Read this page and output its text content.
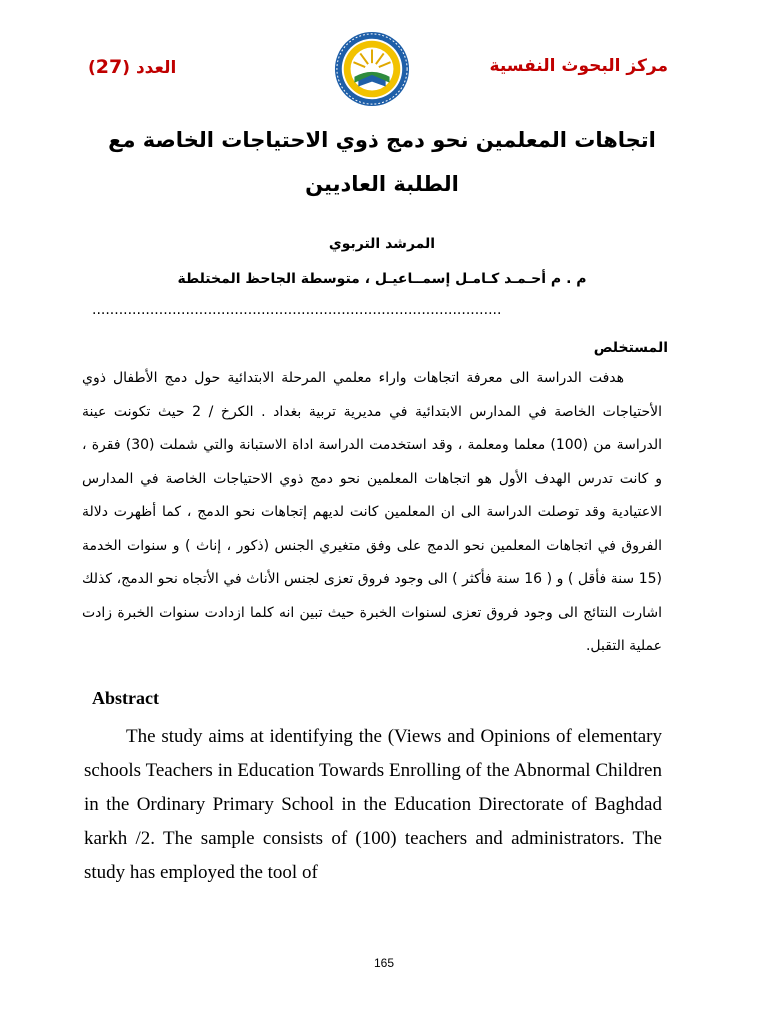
العدد (27)	مركز البحوث النفسية
اتجاهات المعلمين نحو دمج ذوي الاحتياجات الخاصة مع الطلبة العاديين
المرشد التربوي
م . م أحـمـد كـامـل إسمــاعيـل ، متوسطة الجاحظ المختلطة
............................................................................................
المستخلص
هدفت الدراسة الى معرفة اتجاهات واراء معلمي المرحلة الابتدائية حول دمج الأطفال ذوي الأحتياجات الخاصة في المدارس الابتدائية في مديرية تربية بغداد . الكرخ / 2 حيث تكونت عينة الدراسة من (100) معلما ومعلمة ، وقد استخدمت الدراسة اداة الاستبانة والتي شملت (30) فقرة ، و كانت تدرس الهدف الأول هو اتجاهات المعلمين نحو دمج ذوي الاحتياجات الخاصة في المدارس الاعتيادية وقد توصلت الدراسة الى ان المعلمين كانت لديهم إتجاهات نحو الدمج ، كما أظهرت دلالة الفروق في اتجاهات المعلمين نحو الدمج على وفق متغيري الجنس (ذكور ، إناث ) و سنوات الخدمة (15 سنة فأقل ) و ( 16 سنة فأكثر ) الى وجود فروق تعزى لجنس الأناث في الأتجاه نحو الدمج، كذلك اشارت النتائج الى وجود فروق تعزى لسنوات الخبرة حيث تبين انه كلما ازدادت سنوات الخبرة زادت عملية التقبل.
Abstract
The study aims at identifying the (Views and Opinions of elementary schools Teachers in Education Towards Enrolling of the Abnormal Children in the Ordinary Primary School in the Education Directorate of Baghdad karkh /2. The sample consists of (100) teachers and administrators. The study has employed the tool of
165
